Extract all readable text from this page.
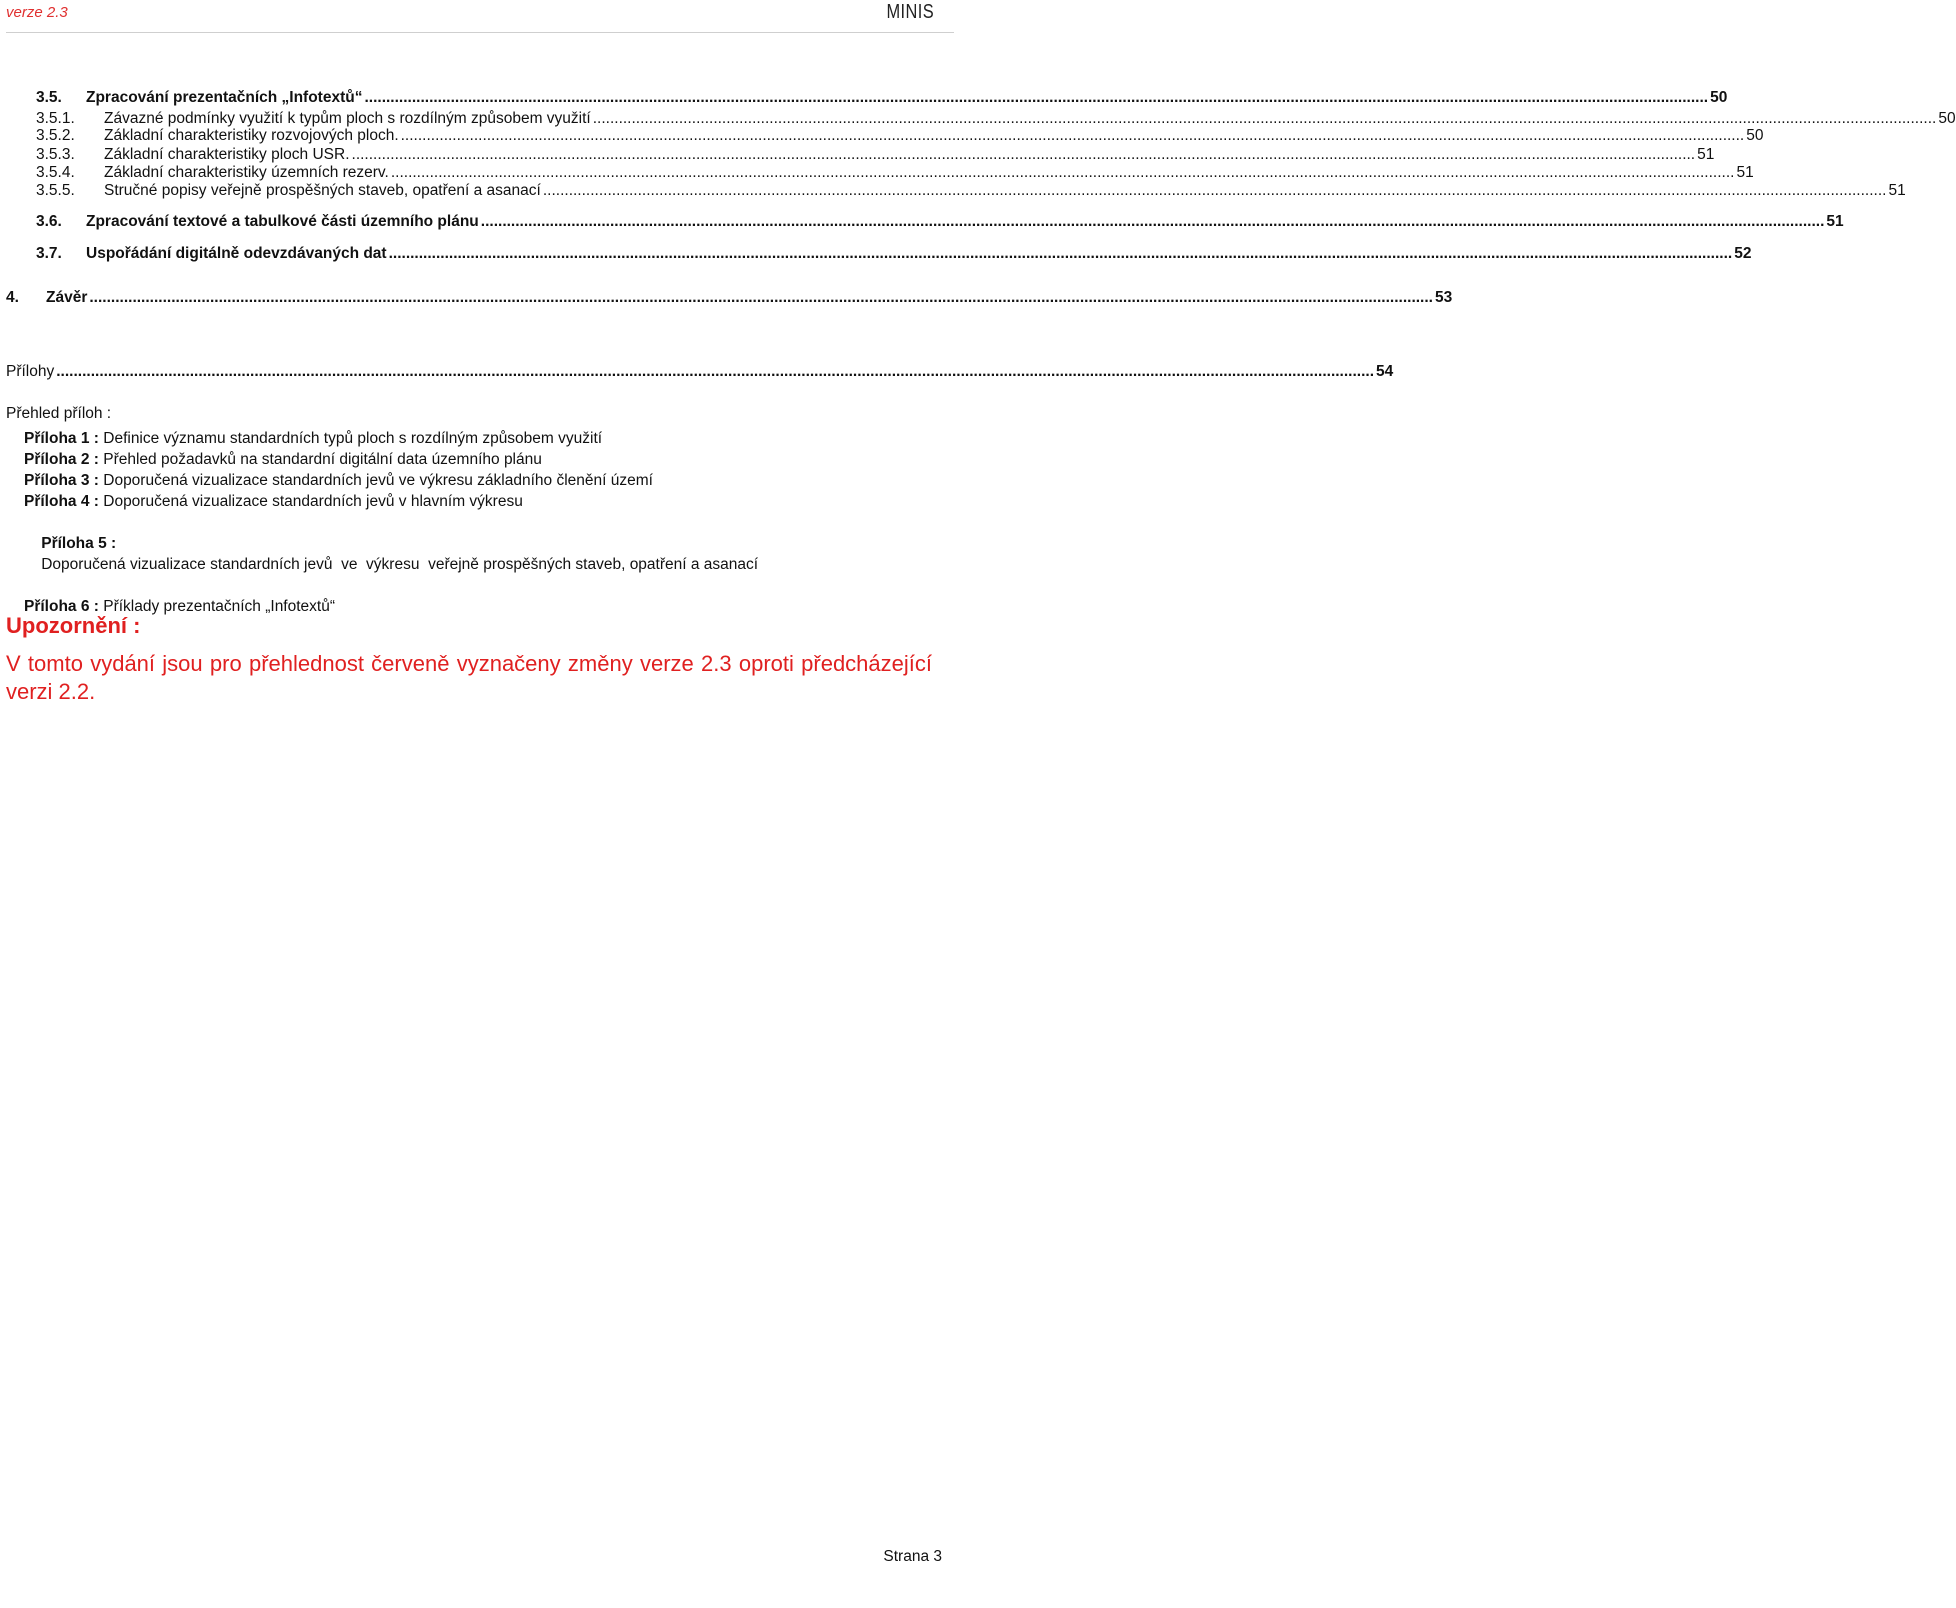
verze 2.3	MINIS
3.5.	Zpracování prezentačních „Infotextů“ .....	50
3.5.1.	Závazné podmínky využití k typům ploch s rozdílným způsobem využití .....	50
3.5.2.	Základní charakteristiky rozvojových ploch. .....	50
3.5.3.	Základní charakteristiky ploch USR. .....	51
3.5.4.	Základní charakteristiky územních rezerv. .....	51
3.5.5.	Stručné popisy veřejně prospěšných staveb, opatření a asanací .....	51
3.6.	Zpracování textové a tabulkové části územního plánu .....	51
3.7.	Uspořádání digitálně odevzdávaných dat .....	52
4.	Závěr .....	53
Přílohy .....	54
Přehled příloh :
Příloha 1 : Definice významu standardních typů ploch s rozdílným způsobem využití
Příloha 2 : Přehled požadavků na standardní digitální data územního plánu
Příloha 3 : Doporučená vizualizace standardních jevů ve výkresu základního členění území
Příloha 4 : Doporučená vizualizace standardních jevů v hlavním výkresu

Příloha 5 :
Doporučená vizualizace standardních jevů  ve  výkresu  veřejně prospěšných staveb, opatření a asanací

Příloha 6 : Příklady prezentačních „Infotextů“
Upozornění :
V tomto vydání jsou pro přehlednost červeně vyznačeny změny verze 2.3 oproti předcházející verzi 2.2.
Strana 3
